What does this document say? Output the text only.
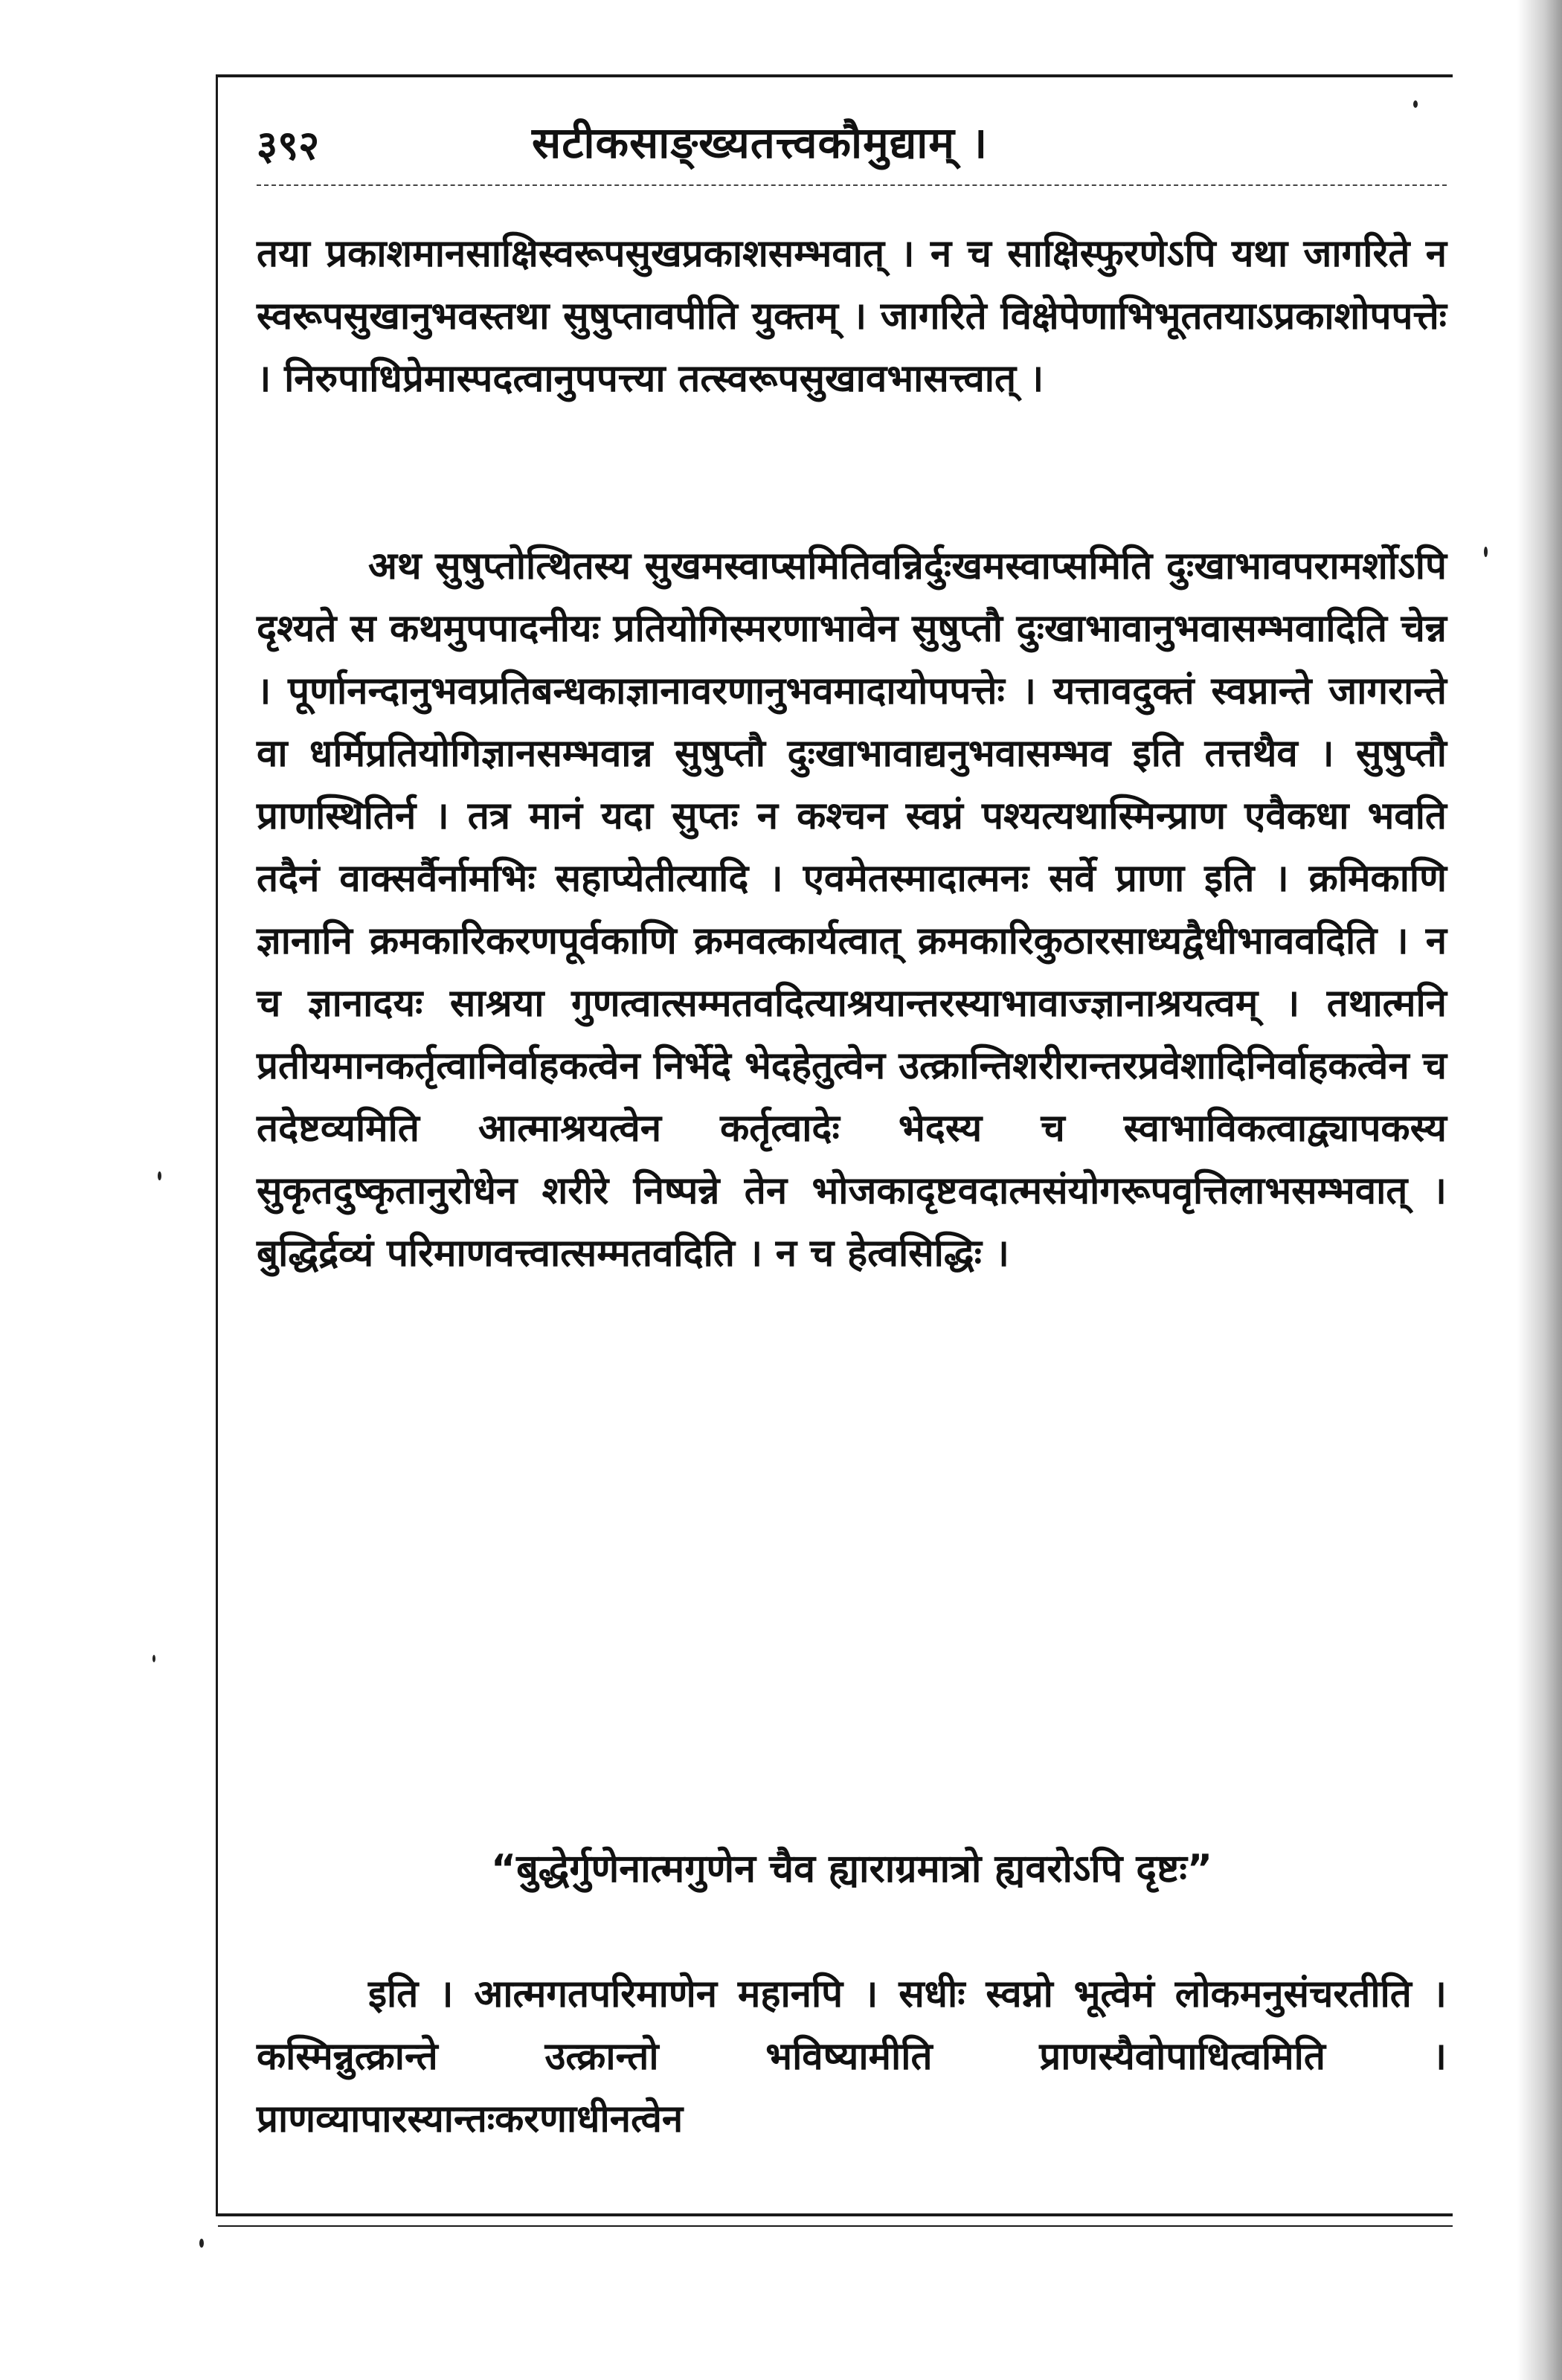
३९२	सटीकसाङ्ख्यतत्त्वकौमुद्याम् ।

तया प्रकाशमानसाक्षिस्वरूपसुखप्रकाशसम्भवात् । न च साक्षिस्फुरणेऽपि यथा जागरिते न स्वरूपसुखानुभवस्तथा सुषुप्तावपीति युक्तम् । जागरिते विक्षेपेणाभिभूततयाऽप्रकाशोपपत्तेः । निरुपाधिप्रेमास्पदत्वानुपपत्त्या तत्स्वरूपसुखावभासत्त्वात् ।

अथ सुषुप्तोत्थितस्य सुखमस्वाप्समितिवन्निर्दुःखमस्वाप्समिति दुःखाभावपरामर्शोऽपि दृश्यते स कथमुपपादनीयः प्रतियोगिस्मरणाभावेन सुषुप्तौ दुःखाभावानुभवासम्भवादिति चेन्न । पूर्णानन्दानुभवप्रतिबन्धकाज्ञानावरणानुभवमादायोपपत्तेः । यत्तावदुक्तं स्वप्नान्ते जागरान्ते वा धर्मिप्रतियोगिज्ञानसम्भवान्न सुषुप्तौ दुःखाभावाद्यनुभवासम्भव इति तत्तथैव । सुषुप्तौ प्राणस्थितिर्न । तत्र मानं यदा सुप्तः न कश्चन स्वप्नं पश्यत्यथास्मिन्प्राण एवैकधा भवति तदैनं वाक्सर्वैर्नामभिः सहाप्येतीत्यादि । एवमेतस्मादात्मनः सर्वे प्राणा इति । क्रमिकाणि ज्ञानानि क्रमकारिकरणपूर्वकाणि क्रमवत्कार्यत्वात् क्रमकारिकुठारसाध्यद्वैधीभाववदिति । न च ज्ञानादयः साश्रया गुणत्वात्सम्मतवदित्याश्रयान्तरस्याभावाज्ज्ञानाश्रयत्वम् । तथात्मनि प्रतीयमानकर्तृत्वानिर्वाहकत्वेन निर्भेदे भेदहेतुत्वेन उत्क्रान्तिशरीरान्तरप्रवेशादिनिर्वाहकत्वेन च तदेष्टव्यमिति आत्माश्रयत्वेन कर्तृत्वादेः भेदस्य च स्वाभाविकत्वाद्व्यापकस्य सुकृतदुष्कृतानुरोधेन शरीरे निष्पन्ने तेन भोजकादृष्टवदात्मसंयोगरूपवृत्तिलाभसम्भवात् । बुद्धिर्द्रव्यं परिमाणवत्त्वात्सम्मतवदिति । न च हेत्वसिद्धिः ।

“बुद्धेर्गुणेनात्मगुणेन चैव ह्याराग्रमात्रो ह्यवरोऽपि दृष्टः”

इति । आत्मगतपरिमाणेन महानपि । सधीः स्वप्नो भूत्वेमं लोकमनुसंचरतीति । कस्मिन्नुत्क्रान्ते उत्क्रान्तो भविष्यामीति प्राणस्यैवोपाधित्वमिति । प्राणव्यापारस्यान्तःकरणाधीनत्वेन
